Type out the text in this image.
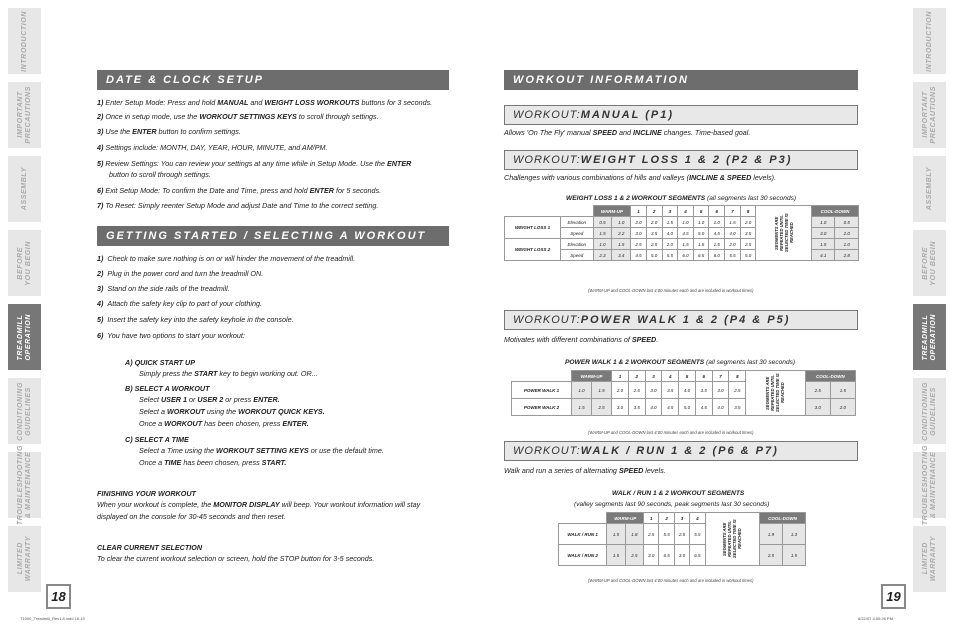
INTRODUCTION
IMPORTANT
PRECAUTIONS
ASSEMBLY
BEFORE
YOU BEGIN
TREADMILL
OPERATION
CONDITIONING
GUIDELINES
TROUBLESHOOTING
& MAINTENANCE
LIMITED
WARRANTY
INTRODUCTION
IMPORTANT
PRECAUTIONS
ASSEMBLY
BEFORE
YOU BEGIN
TREADMILL
OPERATION
CONDITIONING
GUIDELINES
TROUBLESHOOTING
& MAINTENANCE
LIMITED
WARRANTY
18	19
T1000_Treadmill_Rev1.8.indd 18-19	6/22/07 4:55:26 PM
DATE & CLOCK SETUP
1) Enter Setup Mode: Press and hold MANUAL and WEIGHT LOSS WORKOUTS buttons for 3 seconds.
2) Once in setup mode, use the WORKOUT SETTINGS KEYS to scroll through settings.
3) Use the ENTER button to confirm settings.
4) Settings include: MONTH, DAY, YEAR, HOUR, MINUTE, and AM/PM.
5) Review Settings: You can review your settings at any time while in Setup Mode. Use the ENTER
button to scroll through settings.
6) Exit Setup Mode: To confirm the Date and Time, press and hold ENTER for 5 seconds.
7) To Reset: Simply reenter Setup Mode and adjust Date and Time to the correct setting.
GETTING STARTED / SELECTING A WORKOUT
1) Check to make sure nothing is on or will hinder the movement of the treadmill.
2) Plug in the power cord and turn the treadmill ON.
3) Stand on the side rails of the treadmill.
4) Attach the safety key clip to part of your clothing.
5) Insert the safety key into the safety keyhole in the console.
6) You have two options to start your workout:
A) QUICK START UP
Simply press the START key to begin working out. OR...
B) SELECT A WORKOUT
Select USER 1 or USER 2 or press ENTER.
Select a WORKOUT using the WORKOUT QUICK KEYS.
Once a WORKOUT has been chosen, press ENTER.
C) SELECT A TIME
Select a Time using the WORKOUT SETTING KEYS or use the default time.
Once a TIME has been chosen, press START.
FINISHING YOUR WORKOUT
When your workout is complete, the MONITOR DISPLAY will beep. Your workout information will stay
displayed on the console for 30-45 seconds and then reset.
CLEAR CURRENT SELECTION
To clear the current workout selection or screen, hold the STOP button for 3-5 seconds.
WORKOUT INFORMATION
WORKOUT: MANUAL (P1)
Allows 'On The Fly' manual SPEED and INCLINE changes. Time-based goal.
WORKOUT: WEIGHT LOSS 1 & 2 (P2 & P3)
Challenges with various combinations of hills and valleys (INCLINE & SPEED levels).
WEIGHT LOSS 1 & 2 WORKOUT SEGMENTS (all segments last 30 seconds)
		WARM-UP		1	2	3	4	5	6	7	8	SEGMENTS ARE REPEATED UNTIL SELECTED TIME IS REACHED	COOL-DOWN	
WEIGHT LOSS 1	Elevation	0.5	1.0	2.0	2.0	1.5	1.0	1.0	1.0	1.5	2.0		1.0	0.5
	Speed	1.5	2.2	3.0	3.5	4.0	4.5	5.0	4.5	4.0	3.5		3.0	2.0
WEIGHT LOSS 2	Elevation	1.0	1.5	2.5	2.5	2.0	1.5	1.5	1.5	2.0	2.5		1.5	1.0
	Speed	2.3	3.4	4.5	5.0	5.5	6.0	6.5	6.0	5.5	5.0		4.1	2.8
(WARM-UP and COOL-DOWN last 4:00 minutes each and are included in workout times)
WORKOUT: POWER WALK 1 & 2 (P4 & P5)
Motivates with different combinations of SPEED.
POWER WALK 1 & 2 WORKOUT SEGMENTS (all segments last 30 seconds)
	WARM-UP		1	2	3	4	5	6	7	8	SEGMENTS ARE REPEATED UNTIL SELECTED TIME IS REACHED	COOL-DOWN	
POWER WALK 1	1.0	1.5	2.0	2.5	3.0	3.5	4.0	3.5	3.0	2.5		2.5	1.5
POWER WALK 2	1.5	2.5	3.0	3.5	4.0	4.5	5.0	4.5	4.0	3.5		3.0	2.0
(WARM-UP and COOL-DOWN last 4:00 minutes each and are included in workout times)
WORKOUT: WALK / RUN 1 & 2 (P6 & P7)
Walk and run a series of alternating SPEED levels.
WALK / RUN 1 & 2 WORKOUT SEGMENTS
(valley segments last 90 seconds, peak segments last 30 seconds)
	WARM-UP		1	2	3	4	SEGMENTS ARE REPEATED UNTIL SELECTED TIME IS REACHED	COOL-DOWN	
WALK / RUN 1	1.5	1.8	2.5	5.5	2.5	5.5		1.9	1.3
WALK / RUN 2	1.5	2.5	3.0	6.5	3.0	6.5		2.5	1.5
(WARM-UP and COOL-DOWN last 4:00 minutes each and are included in workout times)
